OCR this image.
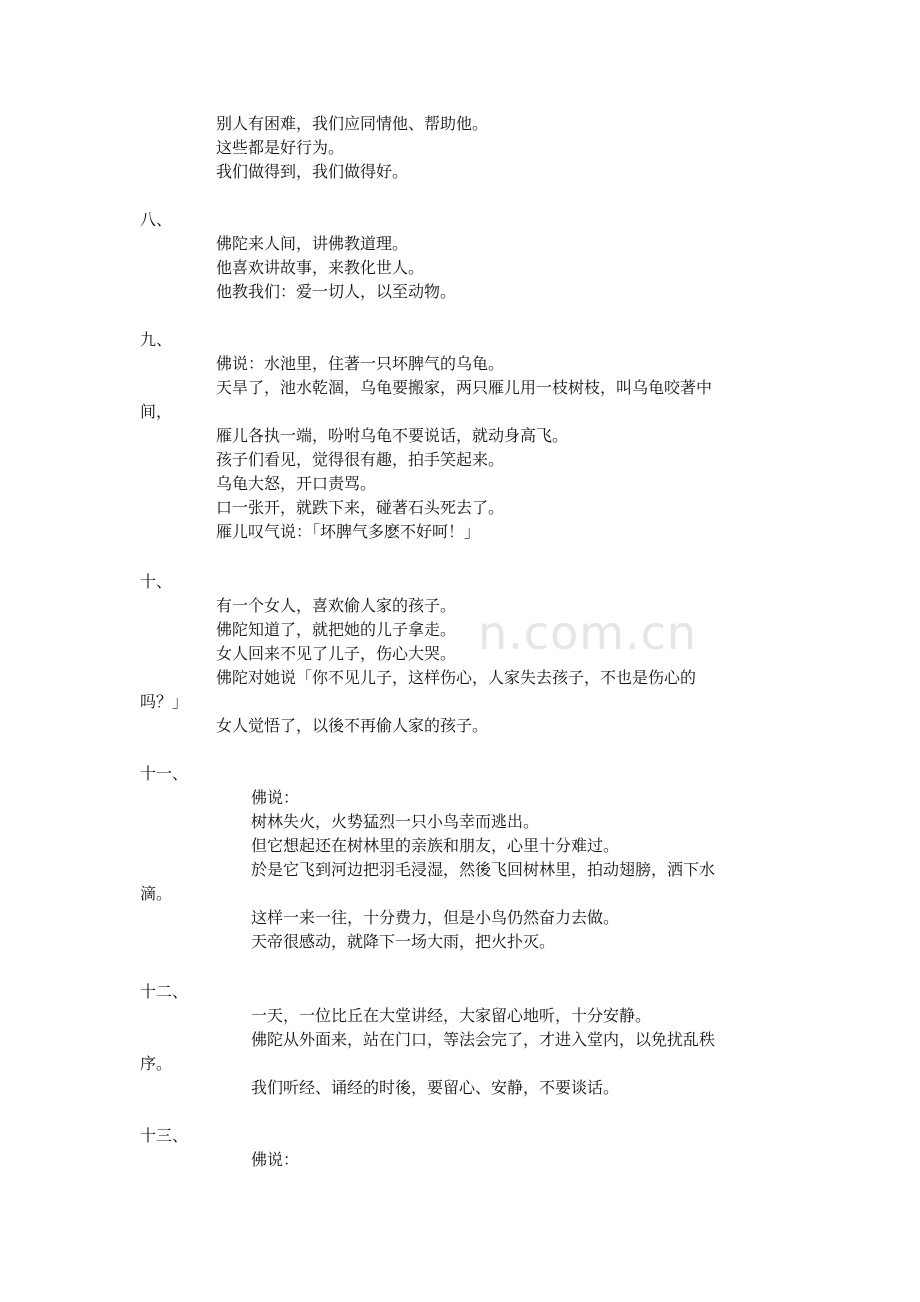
n.com.cn
别人有困难，我们应同情他、帮助他。
这些都是好行为。
我们做得到，我们做得好。
八、
佛陀来人间，讲佛教道理。
他喜欢讲故事，来教化世人。
他教我们：爱一切人，以至动物。
九、
佛说：水池里，住著一只坏脾气的乌龟。
天旱了，池水乾涸，乌龟要搬家，两只雁儿用一枝树枝，叫乌龟咬著中
间，
雁儿各执一端，吩咐乌龟不要说话，就动身高飞。
孩子们看见，觉得很有趣，拍手笑起来。
乌龟大怒，开口责骂。
口一张开，就跌下来，碰著石头死去了。
雁儿叹气说：「坏脾气多麽不好呵！」
十、
有一个女人，喜欢偷人家的孩子。
佛陀知道了，就把她的儿子拿走。
女人回来不见了儿子，伤心大哭。
佛陀对她说「你不见儿子，这样伤心，人家失去孩子，不也是伤心的
吗？」
女人觉悟了，以後不再偷人家的孩子。
十一、
佛说：
树林失火，火势猛烈一只小鸟幸而逃出。
但它想起还在树林里的亲族和朋友，心里十分难过。
於是它飞到河边把羽毛浸湿，然後飞回树林里，拍动翅膀，洒下水
滴。
这样一来一往，十分费力，但是小鸟仍然奋力去做。
天帝很感动，就降下一场大雨，把火扑灭。
十二、
一天，一位比丘在大堂讲经，大家留心地听，十分安静。
佛陀从外面来，站在门口，等法会完了，才进入堂内，以免扰乱秩
序。
我们听经、诵经的时後，要留心、安静，不要谈话。
十三、
佛说：
